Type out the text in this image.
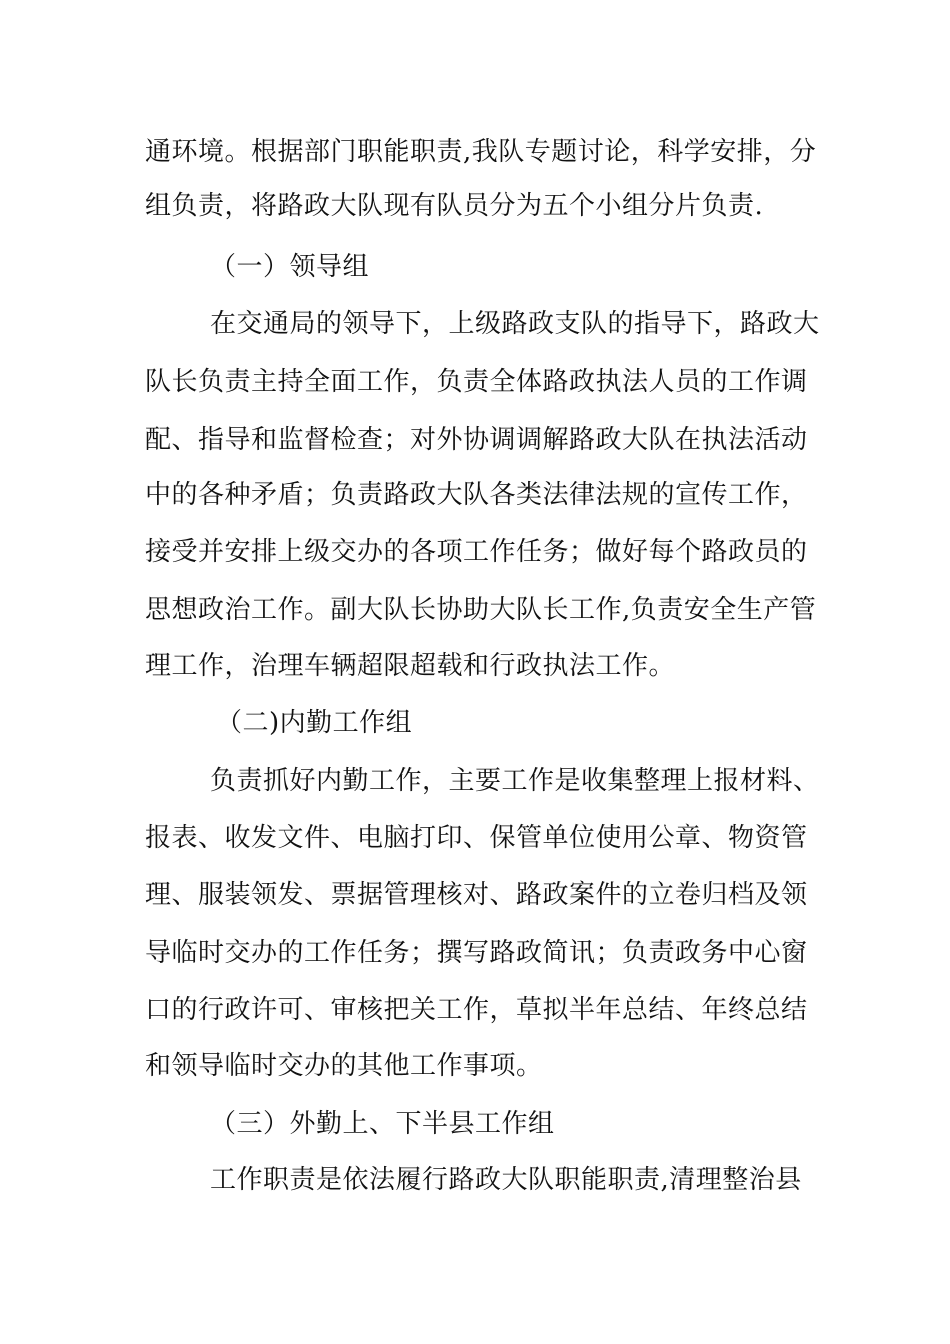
通环境。根据部门职能职责,我队专题讨论，科学安排，分
组负责，将路政大队现有队员分为五个小组分片负责.
（一）领导组
在交通局的领导下，上级路政支队的指导下，路政大
队长负责主持全面工作，负责全体路政执法人员的工作调
配、指导和监督检查；对外协调调解路政大队在执法活动
中的各种矛盾；负责路政大队各类法律法规的宣传工作，
接受并安排上级交办的各项工作任务；做好每个路政员的
思想政治工作。副大队长协助大队长工作,负责安全生产管
理工作，治理车辆超限超载和行政执法工作。
（二)内勤工作组
负责抓好内勤工作，主要工作是收集整理上报材料、
报表、收发文件、电脑打印、保管单位使用公章、物资管
理、服装领发、票据管理核对、路政案件的立卷归档及领
导临时交办的工作任务；撰写路政简讯；负责政务中心窗
口的行政许可、审核把关工作，草拟半年总结、年终总结
和领导临时交办的其他工作事项。
（三）外勤上、下半县工作组
工作职责是依法履行路政大队职能职责,清理整治县
